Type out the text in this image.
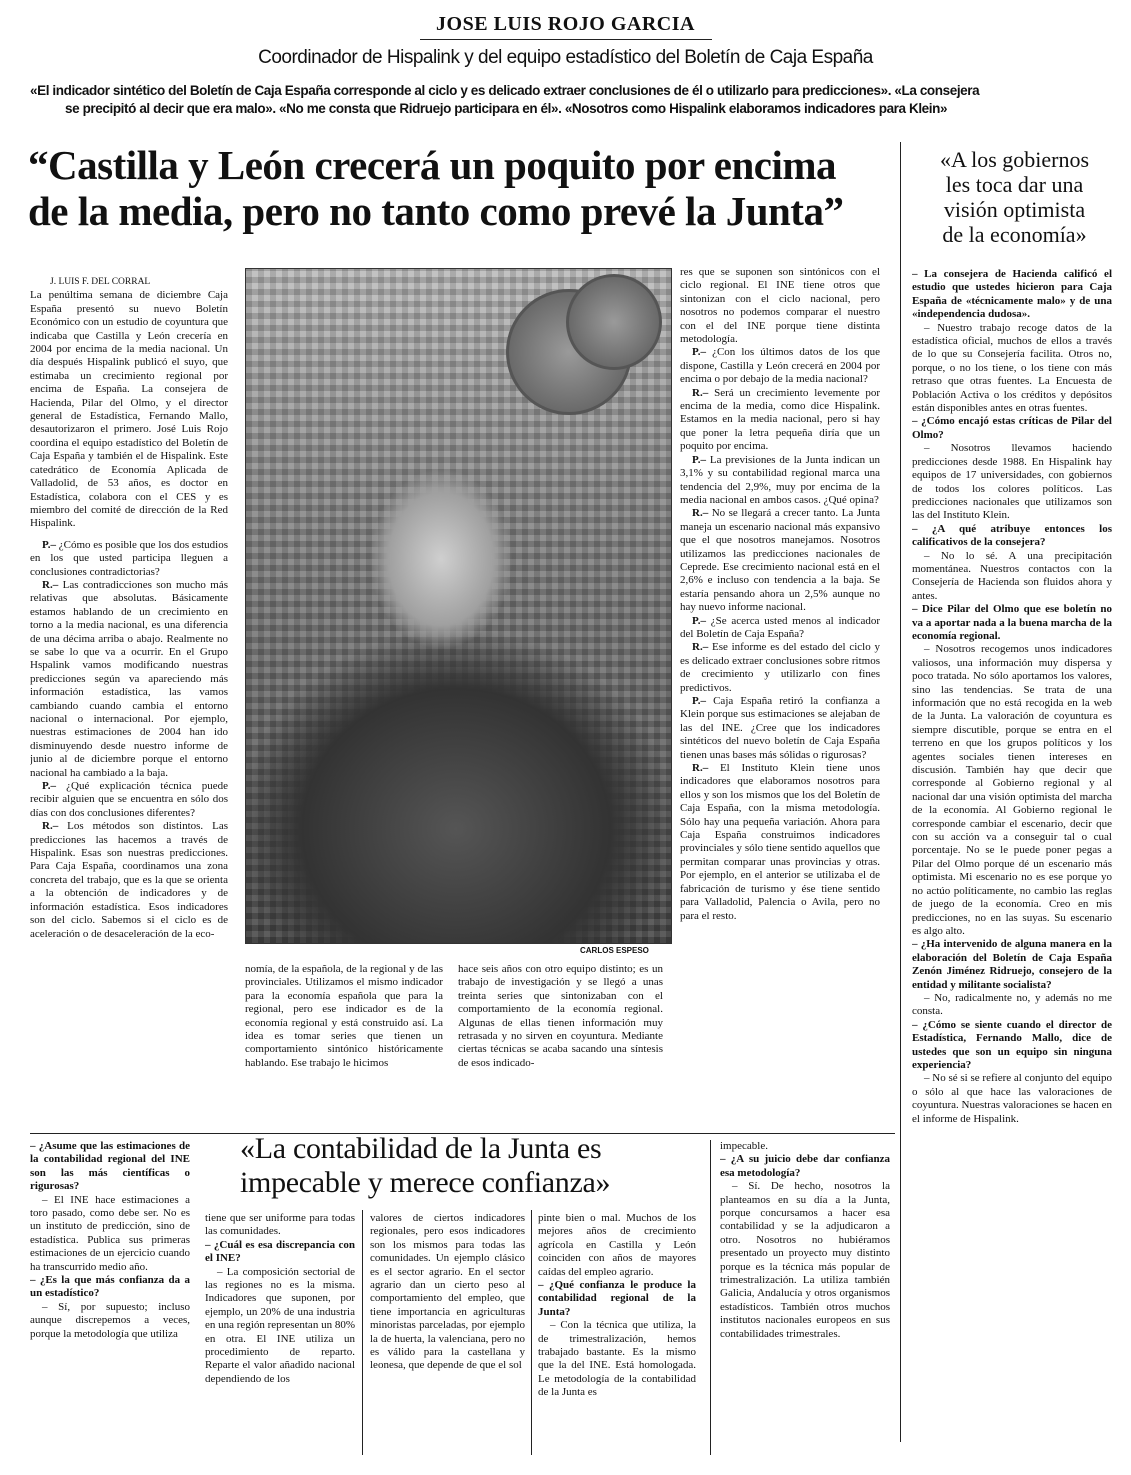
JOSE LUIS ROJO GARCIA
Coordinador de Hispalink y del equipo estadístico del Boletín de Caja España
«El indicador sintético del Boletín de Caja España corresponde al ciclo y es delicado extraer conclusiones de él o utilizarlo para predicciones». «La consejera
se precipitó al decir que era malo». «No me consta que Ridruejo participara en él». «Nosotros como Hispalink elaboramos indicadores para Klein»
“Castilla y León crecerá un poquito por encima
de la media, pero no tanto como prevé la Junta”
«A los gobiernos
les toca dar una
visión optimista
de la economía»
CARLOS ESPESO

J. LUIS F. DEL CORRAL

La penúltima semana de diciembre Caja España presentó su nuevo Boletín Económico con un estudio de coyuntura que indicaba que Castilla y León crecería en 2004 por encima de la media nacional. Un día después Hispalink publicó el suyo, que estimaba un crecimiento regional por encima de España. La consejera de Hacienda, Pilar del Olmo, y el director general de Estadística, Fernando Mallo, desautorizaron el primero. José Luis Rojo coordina el equipo estadístico del Boletín de Caja España y también el de Hispalink. Este catedrático de Economía Aplicada de Valladolid, de 53 años, es doctor en Estadística, colabora con el CES y es miembro del comité de dirección de la Red Hispalink.

P.– ¿Cómo es posible que los dos estudios en los que usted participa lleguen a conclusiones contradictorias?

R.– Las contradicciones son mucho más relativas que absolutas. Básicamente estamos hablando de un crecimiento en torno a la media nacional, es una diferencia de una décima arriba o abajo. Realmente no se sabe lo que va a ocurrir. En el Grupo Hspalink vamos modificando nuestras predicciones según va apareciendo más información estadística, las vamos cambiando cuando cambia el entorno nacional o internacional. Por ejemplo, nuestras estimaciones de 2004 han ido disminuyendo desde nuestro informe de junio al de diciembre porque el entorno nacional ha cambiado a la baja.

P.– ¿Qué explicación técnica puede recibir alguien que se encuentra en sólo dos días con dos conclusiones diferentes?

R.– Los métodos son distintos. Las predicciones las hacemos a través de Hispalink. Esas son nuestras predicciones. Para Caja España, coordinamos una zona concreta del trabajo, que es la que se orienta a la obtención de indicadores y de información estadística. Esos indicadores son del ciclo. Sabemos si el ciclo es de aceleración o de desaceleración de la eco-

nomía, de la española, de la regional y de las provinciales. Utilizamos el mismo indicador para la economía española que para la regional, pero ese indicador es de la economía regional y está construido así. La idea es tomar series que tienen un comportamiento sintónico históricamente hablando. Ese trabajo le hicimos

hace seis años con otro equipo distinto; es un trabajo de investigación y se llegó a unas treinta series que sintonizaban con el comportamiento de la economía regional. Algunas de ellas tienen información muy retrasada y no sirven en coyuntura. Mediante ciertas técnicas se acaba sacando una síntesis de esos indicado-

res que se suponen son sintónicos con el ciclo regional. El INE tiene otros que sintonizan con el ciclo nacional, pero nosotros no podemos comparar el nuestro con el del INE porque tiene distinta metodología.

P.– ¿Con los últimos datos de los que dispone, Castilla y León crecerá en 2004 por encima o por debajo de la media nacional?

R.– Será un crecimiento levemente por encima de la media, como dice Hispalink. Estamos en la media nacional, pero si hay que poner la letra pequeña diría que un poquito por encima.

P.– La previsiones de la Junta indican un 3,1% y su contabilidad regional marca una tendencia del 2,9%, muy por encima de la media nacional en ambos casos. ¿Qué opina?

R.– No se llegará a crecer tanto. La Junta maneja un escenario nacional más expansivo que el que nosotros manejamos. Nosotros utilizamos las predicciones nacionales de Ceprede. Ese crecimiento nacional está en el 2,6% e incluso con tendencia a la baja. Se estaría pensando ahora un 2,5% aunque no hay nuevo informe nacional.

P.– ¿Se acerca usted menos al indicador del Boletín de Caja España?

R.– Ese informe es del estado del ciclo y es delicado extraer conclusiones sobre ritmos de crecimiento y utilizarlo con fines predictivos.

P.– Caja España retiró la confianza a Klein porque sus estimaciones se alejaban de las del INE. ¿Cree que los indicadores sintéticos del nuevo boletín de Caja España tienen unas bases más sólidas o rigurosas?

R.– El Instituto Klein tiene unos indicadores que elaboramos nosotros para ellos y son los mismos que los del Boletín de Caja España, con la misma metodología. Sólo hay una pequeña variación. Ahora para Caja España construimos indicadores provinciales y sólo tiene sentido aquellos que permitan comparar unas provincias y otras. Por ejemplo, en el anterior se utilizaba el de fabricación de turismo y ése tiene sentido para Valladolid, Palencia o Avila, pero no para el resto.

– La consejera de Hacienda calificó el estudio que ustedes hicieron para Caja España de «técnicamente malo» y de una «independencia dudosa».

– Nuestro trabajo recoge datos de la estadística oficial, muchos de ellos a través de lo que su Consejería facilita. Otros no, porque, o no los tiene, o los tiene con más retraso que otras fuentes. La Encuesta de Población Activa o los créditos y depósitos están disponibles antes en otras fuentes.

– ¿Cómo encajó estas críticas de Pilar del Olmo?

– Nosotros llevamos haciendo predicciones desde 1988. En Hispalink hay equipos de 17 universidades, con gobiernos de todos los colores políticos. Las predicciones nacionales que utilizamos son las del Instituto Klein.

– ¿A qué atribuye entonces los calificativos de la consejera?

– No lo sé. A una precipitación momentánea. Nuestros contactos con la Consejería de Hacienda son fluidos ahora y antes.

– Dice Pilar del Olmo que ese boletín no va a aportar nada a la buena marcha de la economía regional.

– Nosotros recogemos unos indicadores valiosos, una información muy dispersa y poco tratada. No sólo aportamos los valores, sino las tendencias. Se trata de una información que no está recogida en la web de la Junta. La valoración de coyuntura es siempre discutible, porque se entra en el terreno en que los grupos políticos y los agentes sociales tienen intereses en discusión. También hay que decir que corresponde al Gobierno regional y al nacional dar una visión optimista del marcha de la economía. Al Gobierno regional le corresponde cambiar el escenario, decir que con su acción va a conseguir tal o cual porcentaje. No se le puede poner pegas a Pilar del Olmo porque dé un escenario más optimista. Mi escenario no es ese porque yo no actúo políticamente, no cambio las reglas de juego de la economía. Creo en mis predicciones, no en las suyas. Su escenario es algo alto.

– ¿Ha intervenido de alguna manera en la elaboración del Boletín de Caja España Zenón Jiménez Ridruejo, consejero de la entidad y militante socialista?

– No, radicalmente no, y además no me consta.

– ¿Cómo se siente cuando el director de Estadística, Fernando Mallo, dice de ustedes que son un equipo sin ninguna experiencia?

– No sé si se refiere al conjunto del equipo o sólo al que hace las valoraciones de coyuntura. Nuestras valoraciones se hacen en el informe de Hispalink.

– ¿Asume que las estimaciones de la contabilidad regional del INE son las más científicas o rigurosas?

– El INE hace estimaciones a toro pasado, como debe ser. No es un instituto de predicción, sino de estadística. Publica sus primeras estimaciones de un ejercicio cuando ha transcurrido medio año.

– ¿Es la que más confianza da a un estadístico?

– Sí, por supuesto; incluso aunque discrepemos a veces, porque la metodología que utiliza

«La contabilidad de la Junta es
impecable y merece confianza»

tiene que ser uniforme para todas las comunidades.

– ¿Cuál es esa discrepancia con el INE?

– La composición sectorial de las regiones no es la misma. Indicadores que suponen, por ejemplo, un 20% de una industria en una región representan un 80% en otra. El INE utiliza un procedimiento de reparto. Reparte el valor añadido nacional dependiendo de los

valores de ciertos indicadores regionales, pero esos indicadores son los mismos para todas las comunidades. Un ejemplo clásico es el sector agrario. En el sector agrario dan un cierto peso al comportamiento del empleo, que tiene importancia en agriculturas minoristas parceladas, por ejemplo la de huerta, la valenciana, pero no es válido para la castellana y leonesa, que depende de que el sol

pinte bien o mal. Muchos de los mejores años de crecimiento agrícola en Castilla y León coinciden con años de mayores caídas del empleo agrario.

– ¿Qué confianza le produce la contabilidad regional de la Junta?

– Con la técnica que utiliza, la de trimestralización, hemos trabajado bastante. Es la mismo que la del INE. Está homologada. Le metodología de la contabilidad de la Junta es

impecable.

– ¿A su juicio debe dar confianza esa metodología?

– Sí. De hecho, nosotros la planteamos en su día a la Junta, porque concursamos a hacer esa contabilidad y se la adjudicaron a otro. Nosotros no hubiéramos presentado un proyecto muy distinto porque es la técnica más popular de trimestralización. La utiliza también Galicia, Andalucía y otros organismos estadísticos. También otros muchos institutos nacionales europeos en sus contabilidades trimestrales.
